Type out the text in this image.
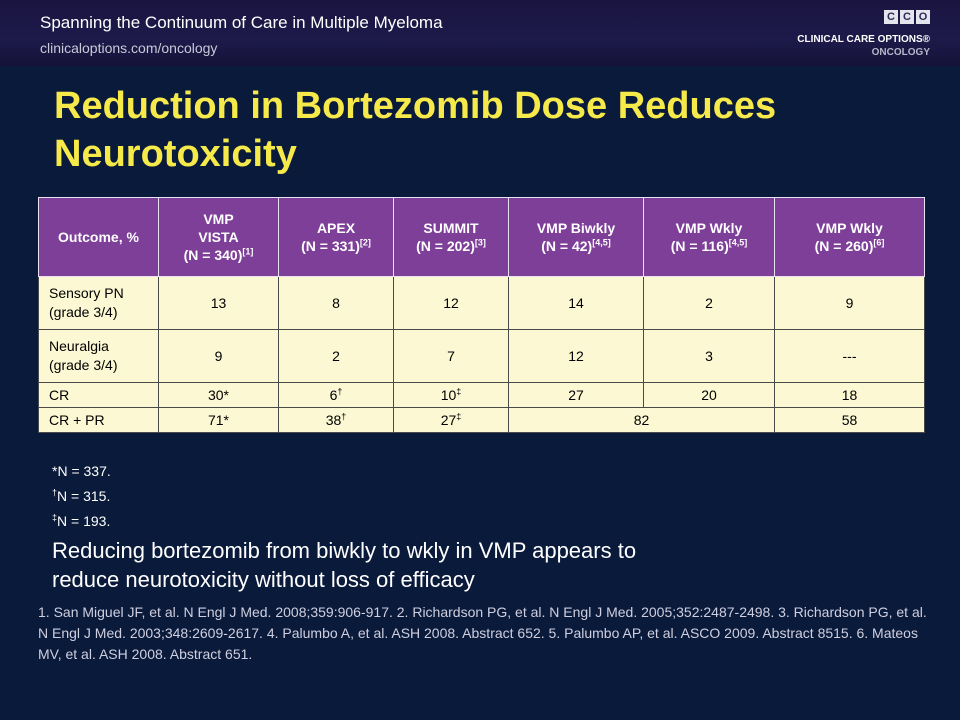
Spanning the Continuum of Care in Multiple Myeloma
clinicaloptions.com/oncology
C C O
CLINICAL CARE OPTIONS®
ONCOLOGY
Reduction in Bortezomib Dose Reduces
Neurotoxicity
Outcome, %	VMP
VISTA
(N = 340)[1]	APEX
(N = 331)[2]	SUMMIT
(N = 202)[3]	VMP Biwkly
(N = 42)[4,5]	VMP Wkly
(N = 116)[4,5]	VMP Wkly
(N = 260)[6]
Sensory PN
(grade 3/4)	13	8	12	14	2	9
Neuralgia
(grade 3/4)	9	2	7	12	3	---
CR	30*	6†	10‡	27	20	18
CR + PR	71*	38†	27‡	82		58
*N = 337.
†N = 315.
‡N = 193.
Reducing bortezomib from biwkly to wkly in VMP appears to
reduce neurotoxicity without loss of efficacy
1. San Miguel JF, et al. N Engl J Med. 2008;359:906-917. 2. Richardson PG, et al. N Engl J Med. 2005;352:2487-2498. 3. Richardson PG, et al. N Engl J Med. 2003;348:2609-2617. 4. Palumbo A, et al. ASH 2008. Abstract 652. 5. Palumbo AP, et al. ASCO 2009. Abstract 8515. 6. Mateos MV, et al. ASH 2008. Abstract 651.
